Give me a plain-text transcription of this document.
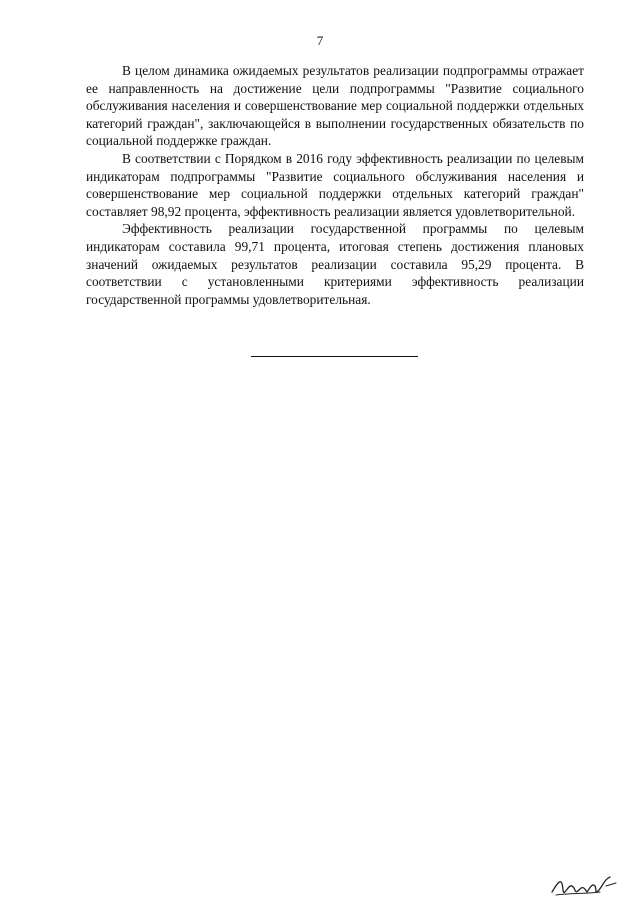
7

В целом динамика ожидаемых результатов реализации подпрограммы отражает ее направленность на достижение цели подпрограммы "Развитие социального обслуживания населения и совершенствование мер социальной поддержки отдельных категорий граждан", заключающейся в выполнении государственных обязательств по социальной поддержке граждан.

В соответствии с Порядком в 2016 году эффективность реализации по целевым индикаторам подпрограммы "Развитие социального обслуживания населения и совершенствование мер социальной поддержки отдельных категорий граждан" составляет 98,92 процента, эффективность реализации является удовлетворительной.

Эффективность реализации государственной программы по целевым индикаторам составила 99,71 процента, итоговая степень достижения плановых значений ожидаемых результатов реализации составила 95,29 процента. В соответствии с установленными критериями эффективность реализации государственной программы удовлетворительная.
